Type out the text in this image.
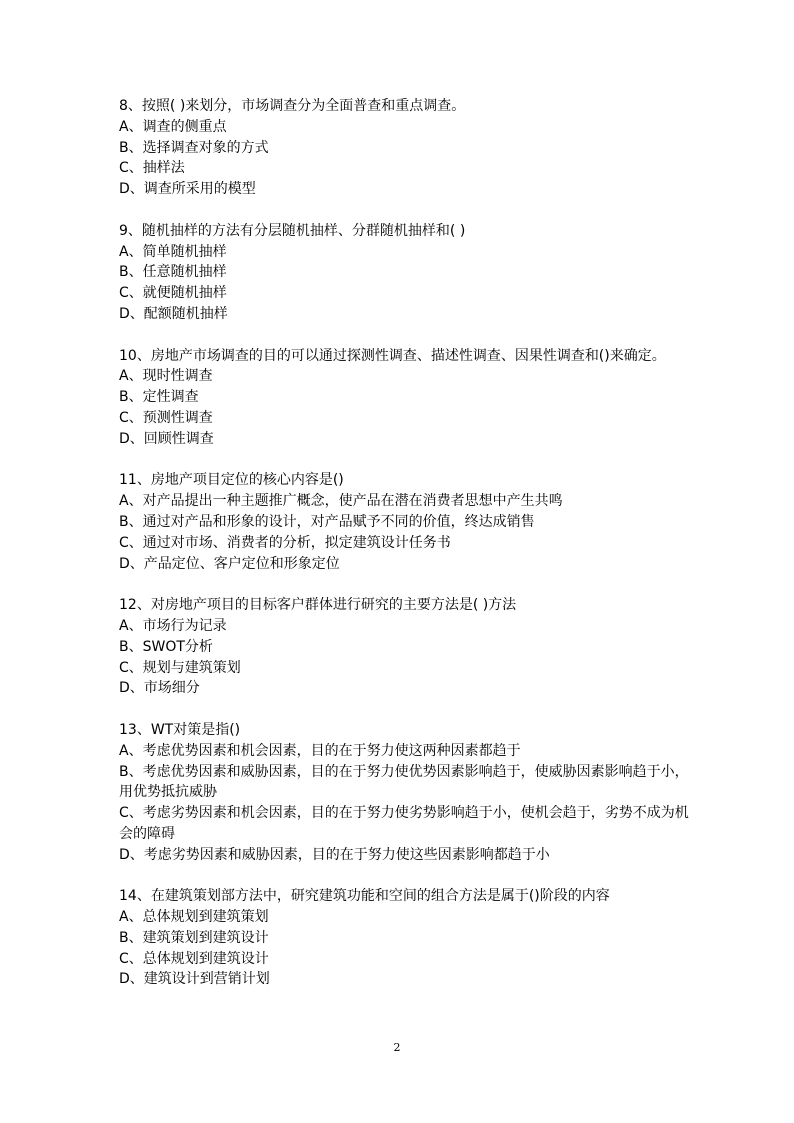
8、按照( )来划分，市场调查分为全面普查和重点调查。
A、调查的侧重点
B、选择调查对象的方式
C、抽样法
D、调查所采用的模型
9、随机抽样的方法有分层随机抽样、分群随机抽样和( )
A、简单随机抽样
B、任意随机抽样
C、就便随机抽样
D、配额随机抽样
10、房地产市场调查的目的可以通过探测性调查、描述性调查、因果性调查和()来确定。
A、现时性调查
B、定性调查
C、预测性调查
D、回顾性调查
11、房地产项目定位的核心内容是()
A、对产品提出一种主题推广概念，使产品在潜在消费者思想中产生共鸣
B、通过对产品和形象的设计，对产品赋予不同的价值，终达成销售
C、通过对市场、消费者的分析，拟定建筑设计任务书
D、产品定位、客户定位和形象定位
12、对房地产项目的目标客户群体进行研究的主要方法是( )方法
A、市场行为记录
B、SWOT分析
C、规划与建筑策划
D、市场细分
13、WT对策是指()
A、考虑优势因素和机会因素，目的在于努力使这两种因素都趋于
B、考虑优势因素和威胁因素，目的在于努力使优势因素影响趋于，使威胁因素影响趋于小，用优势抵抗威胁
C、考虑劣势因素和机会因素，目的在于努力使劣势影响趋于小，使机会趋于，劣势不成为机会的障碍
D、考虑劣势因素和威胁因素，目的在于努力使这些因素影响都趋于小
14、在建筑策划部方法中，研究建筑功能和空间的组合方法是属于()阶段的内容
A、总体规划到建筑策划
B、建筑策划到建筑设计
C、总体规划到建筑设计
D、建筑设计到营销计划
2
